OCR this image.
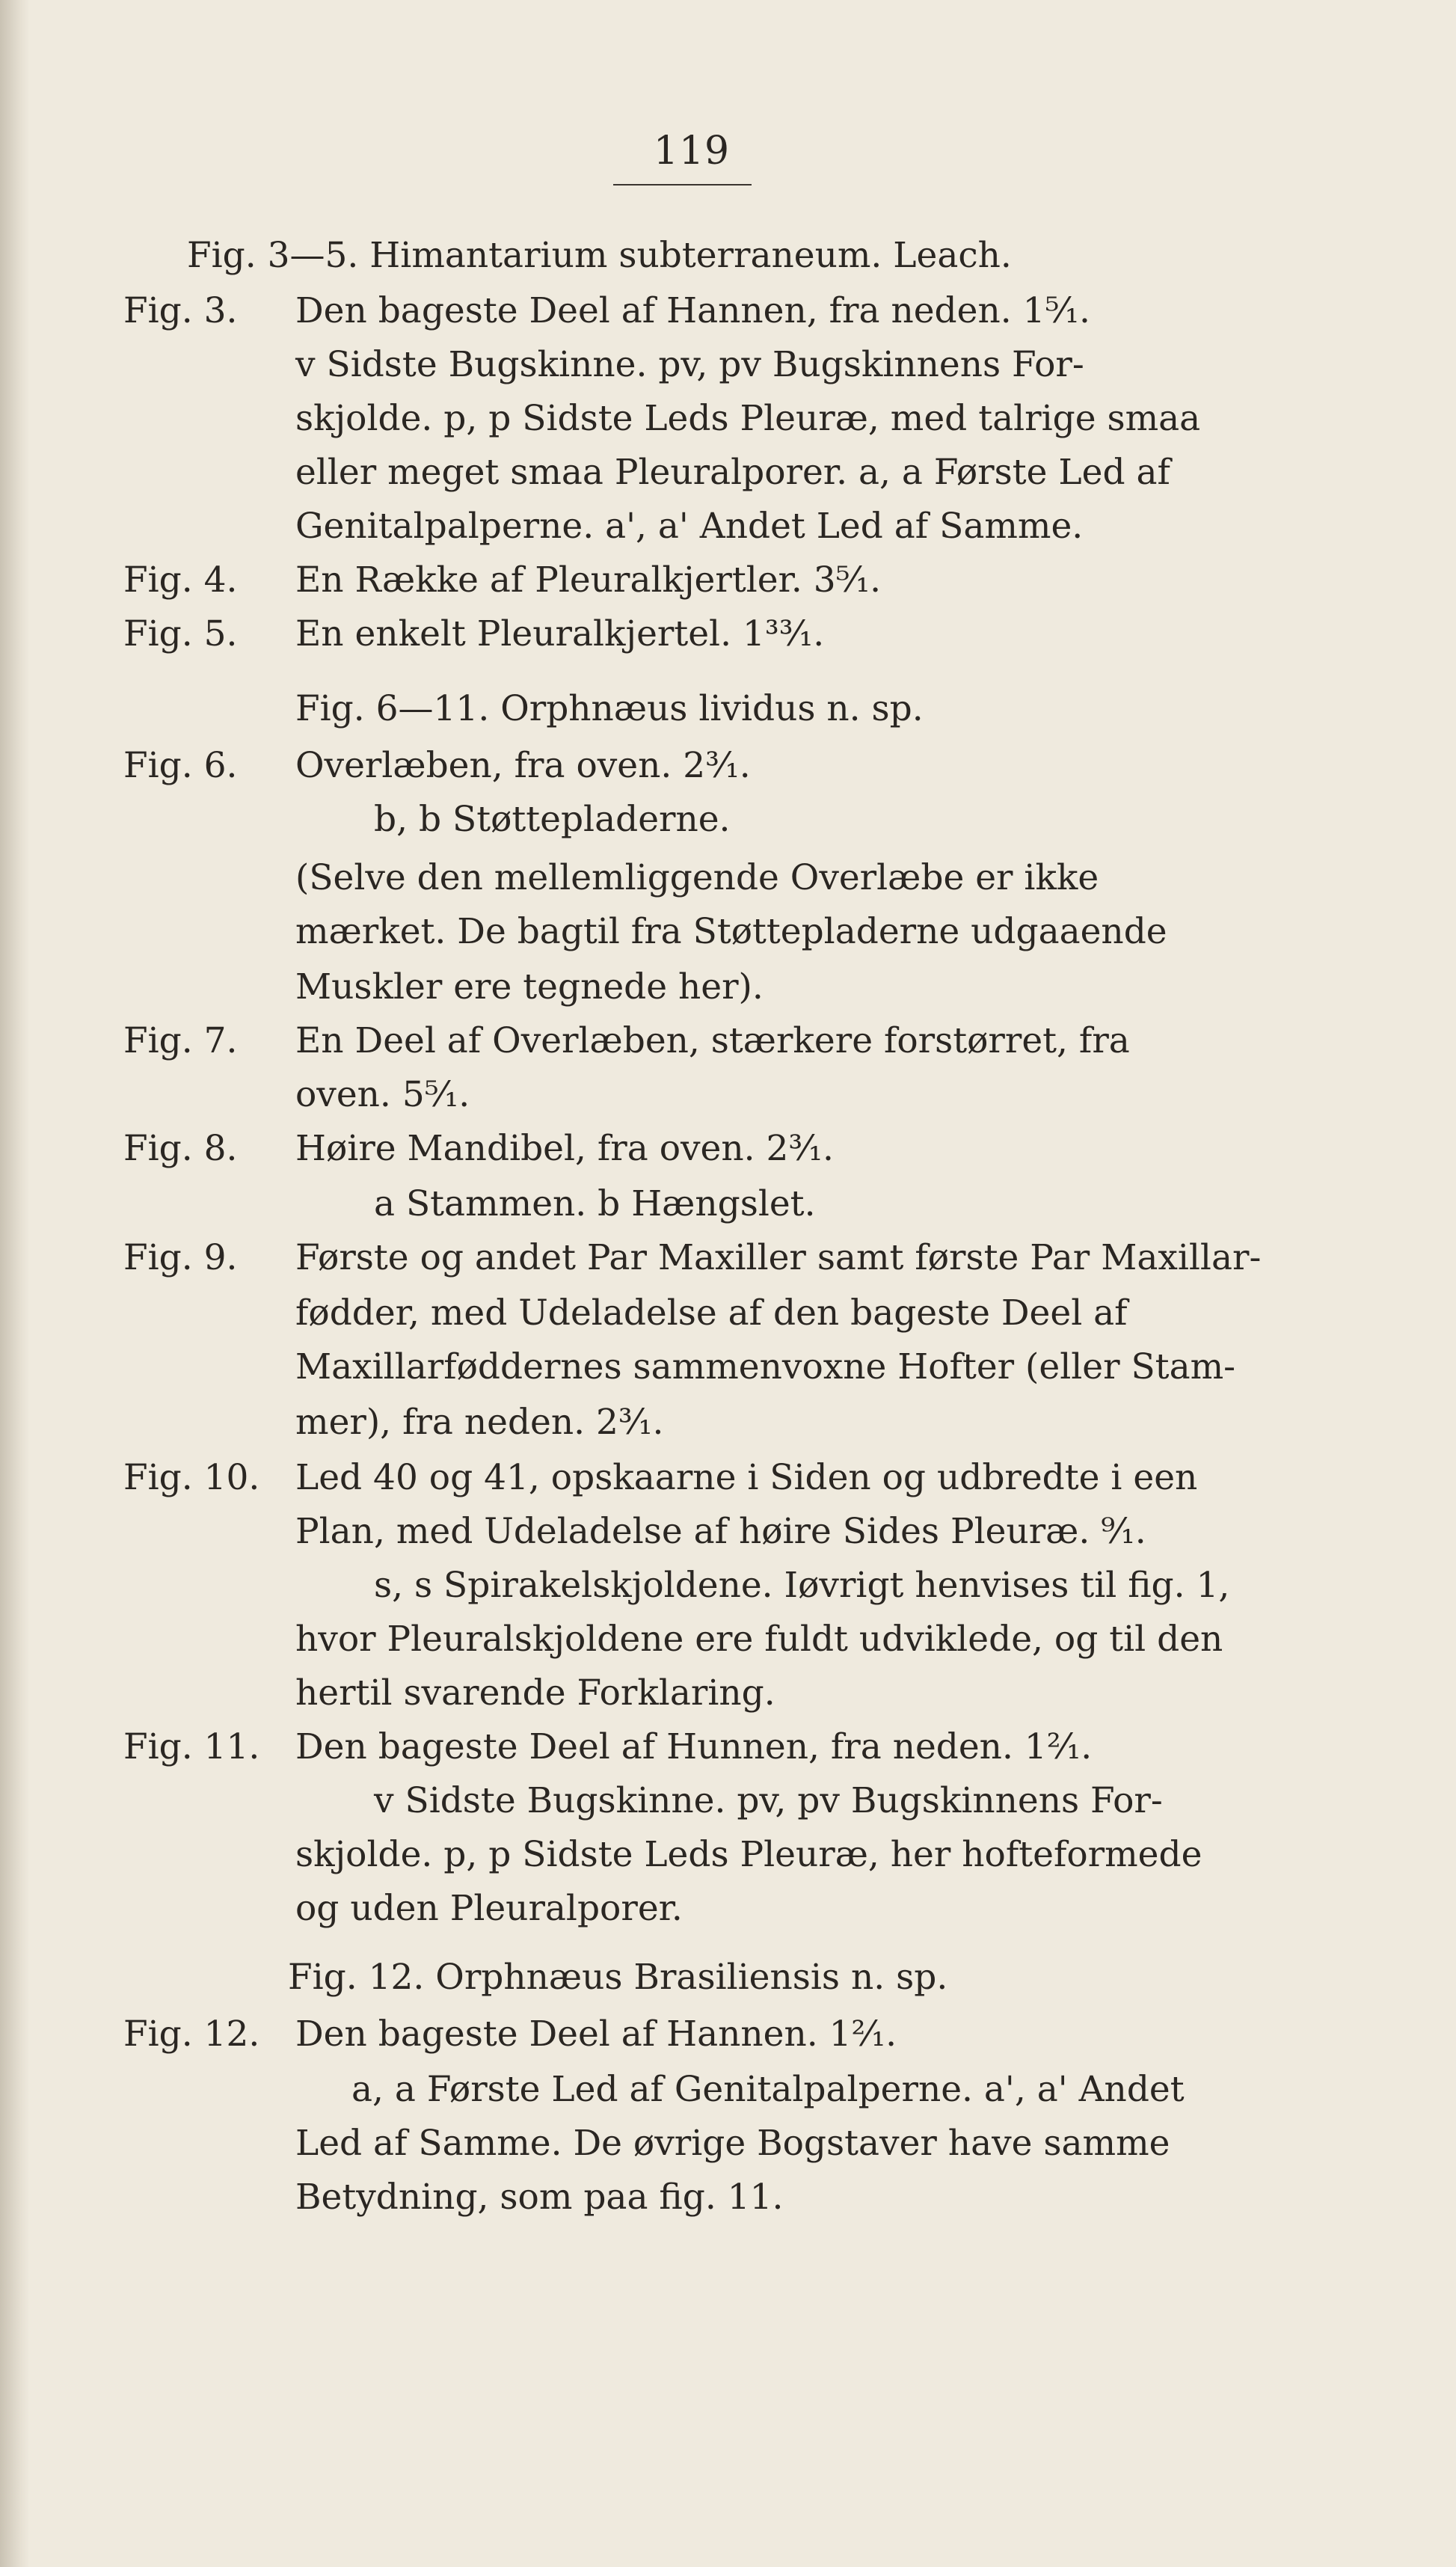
119
Fig. 3—5. Himantarium subterraneum. Leach.
Fig. 3. Den bageste Deel af Hannen, fra neden. 1⁵⁄₁.
v Sidste Bugskinne. pv, pv Bugskinnens For-
skjolde. p, p Sidste Leds Pleuræ, med talrige smaa
eller meget smaa Pleuralporer. a, a Første Led af
Genitalpalperne. a', a' Andet Led af Samme.
Fig. 4. En Række af Pleuralkjertler. 3⁵⁄₁.
Fig. 5. En enkelt Pleuralkjertel. 1³³⁄₁.
Fig. 6—11. Orphnæus lividus n. sp.
Fig. 6. Overlæben, fra oven. 2³⁄₁.
b, b Støttepladerne.
(Selve den mellemliggende Overlæbe er ikke
mærket. De bagtil fra Støttepladerne udgaaende
Muskler ere tegnede her).
Fig. 7. En Deel af Overlæben, stærkere forstørret, fra
oven. 5⁵⁄₁.
Fig. 8. Høire Mandibel, fra oven. 2³⁄₁.
a Stammen. b Hængslet.
Fig. 9. Første og andet Par Maxiller samt første Par Maxillar-
fødder, med Udeladelse af den bageste Deel af
Maxillarføddernes sammenvoxne Hofter (eller Stam-
mer), fra neden. 2³⁄₁.
Fig. 10. Led 40 og 41, opskaarne i Siden og udbredte i een
Plan, med Udeladelse af høire Sides Pleuræ. ⁹⁄₁.
s, s Spirakelskjoldene. Iøvrigt henvises til fig. 1,
hvor Pleuralskjoldene ere fuldt udviklede, og til den
hertil svarende Forklaring.
Fig. 11. Den bageste Deel af Hunnen, fra neden. 1²⁄₁.
v Sidste Bugskinne. pv, pv Bugskinnens For-
skjolde. p, p Sidste Leds Pleuræ, her hofteformede
og uden Pleuralporer.
Fig. 12. Orphnæus Brasiliensis n. sp.
Fig. 12. Den bageste Deel af Hannen. 1²⁄₁.
a, a Første Led af Genitalpalperne. a', a' Andet
Led af Samme. De øvrige Bogstaver have samme
Betydning, som paa fig. 11.
